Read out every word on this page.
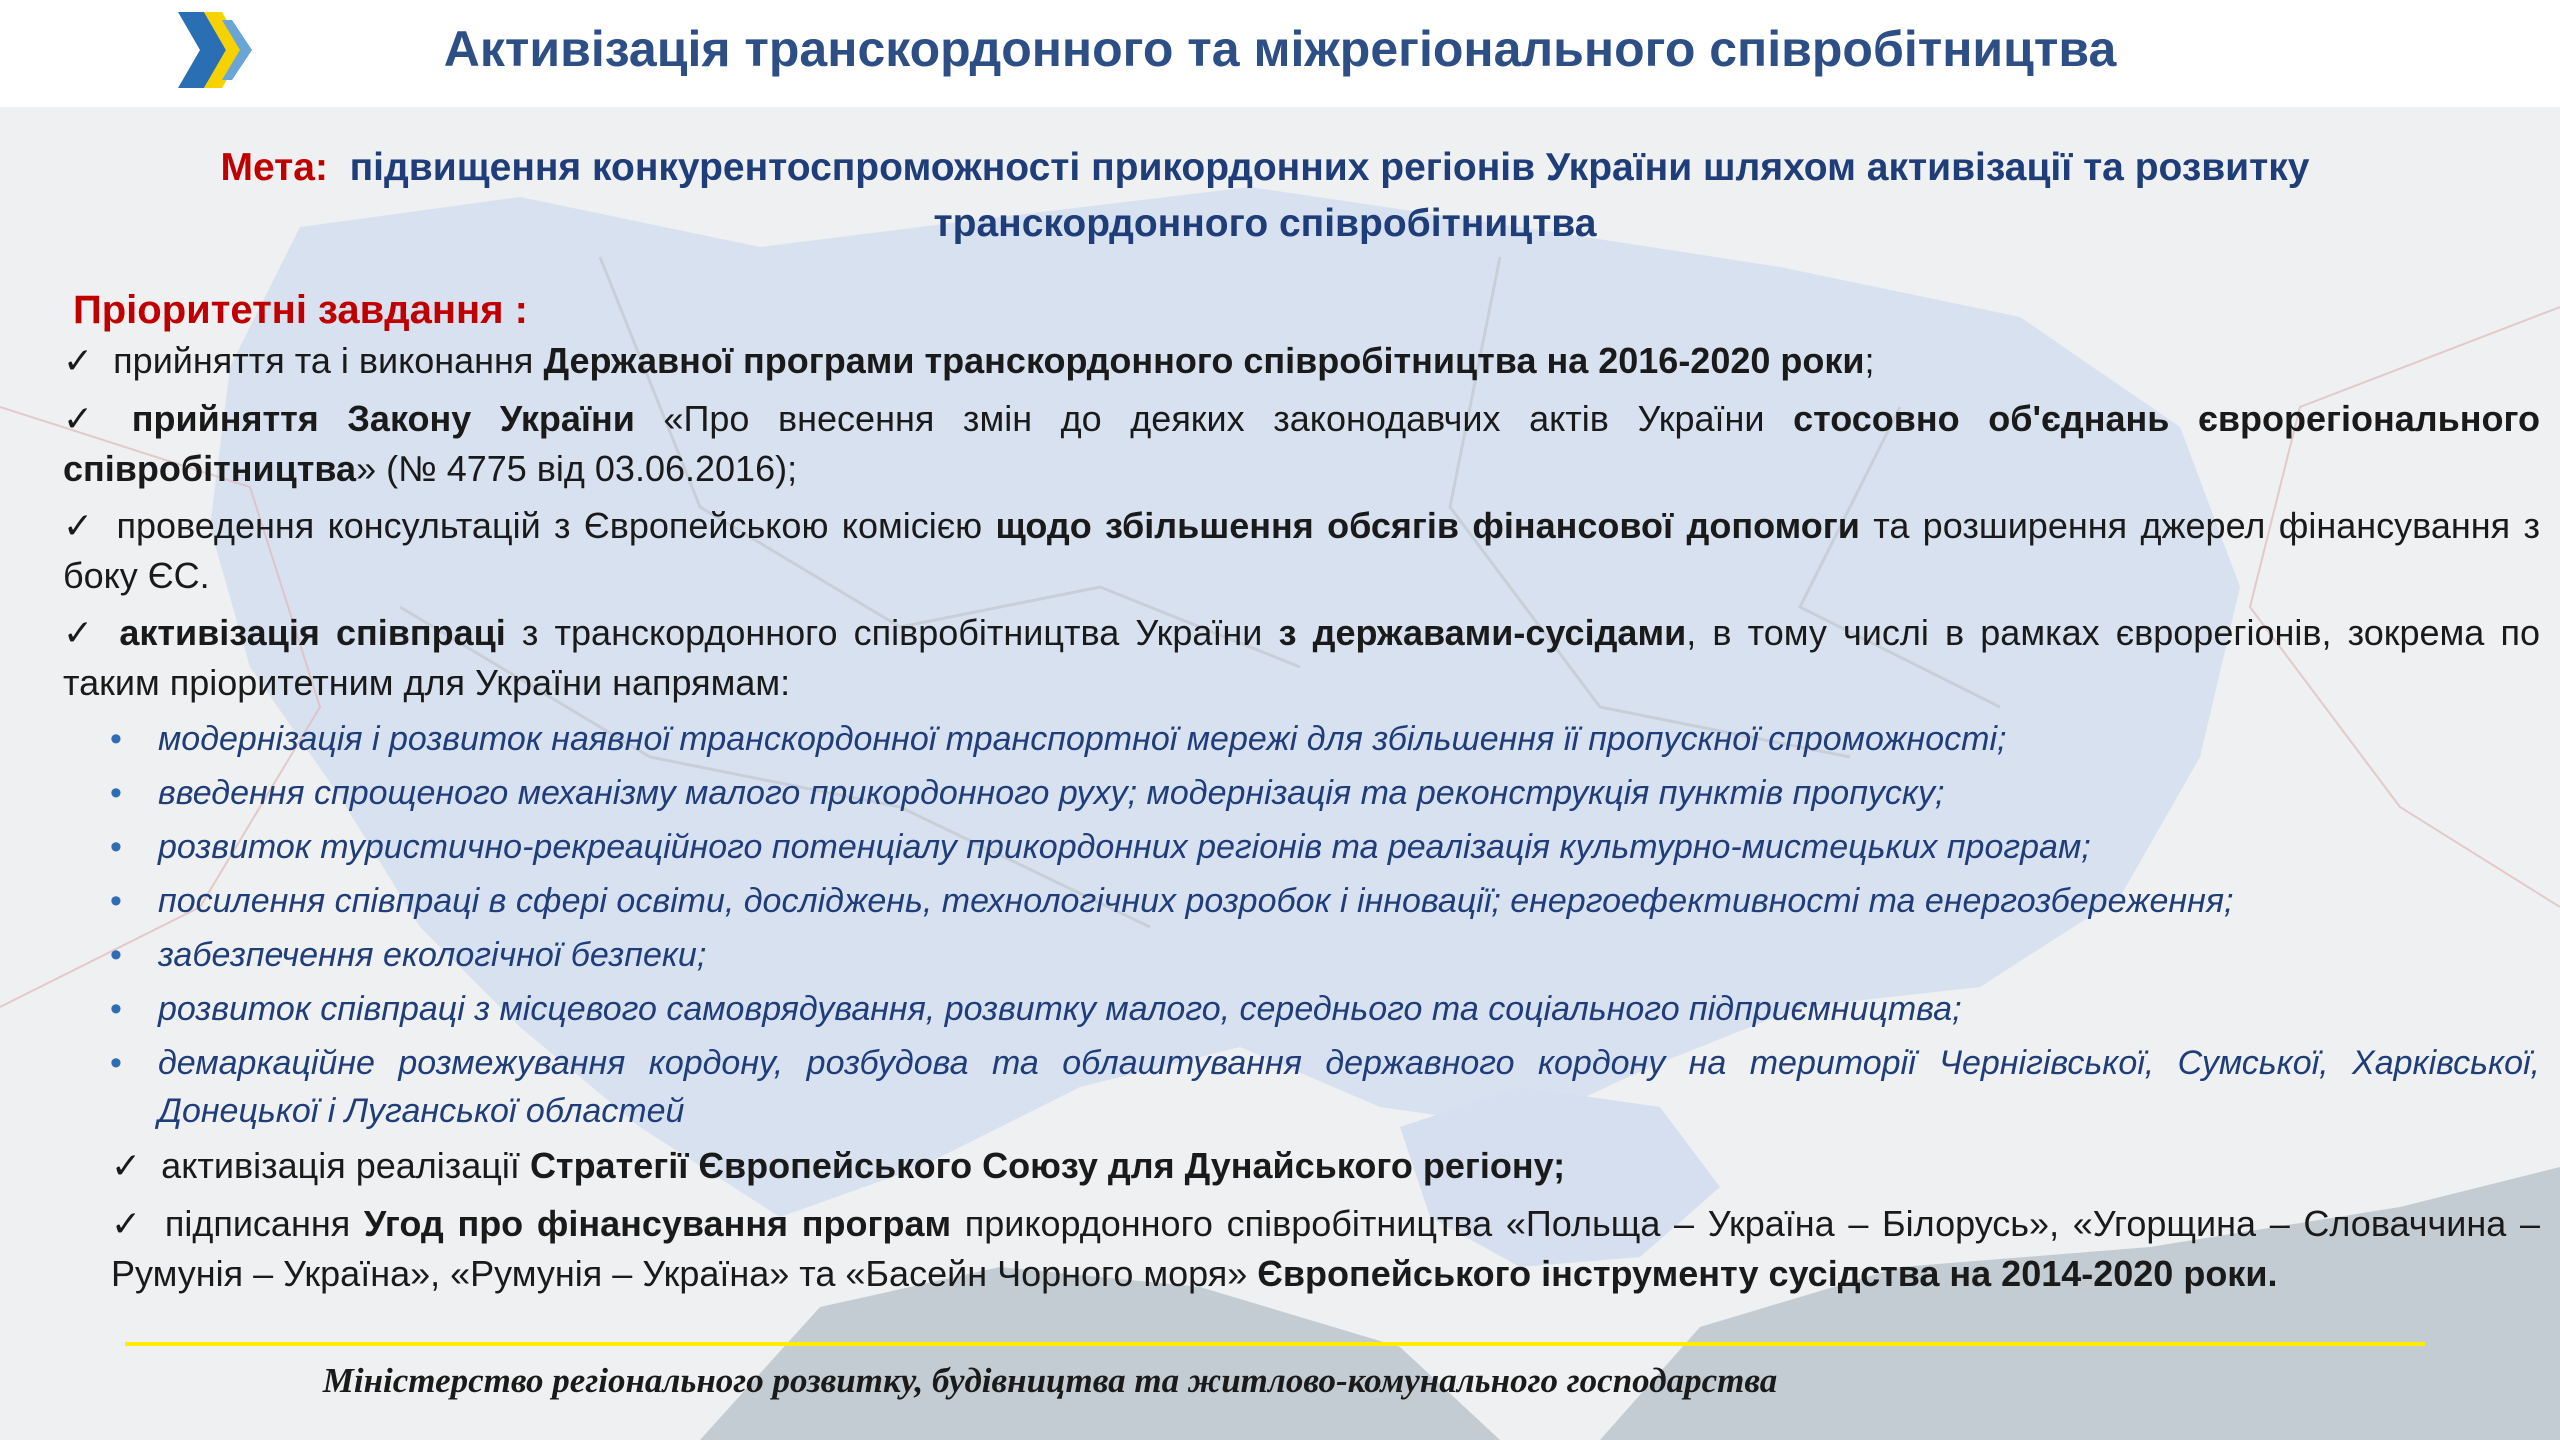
Активізація транскордонного та міжрегіонального співробітництва
Мета: підвищення конкурентоспроможності прикордонних регіонів України шляхом активізації та розвитку транскордонного співробітництва
Пріоритетні завдання :
✓ прийняття та і виконання Державної програми транскордонного співробітництва на 2016-2020 роки;
✓ прийняття Закону України «Про внесення змін до деяких законодавчих актів України стосовно об'єднань єврорегіонального співробітництва» (№ 4775 від 03.06.2016);
✓ проведення консультацій з Європейською комісією щодо збільшення обсягів фінансової допомоги та розширення джерел фінансування з боку ЄС.
✓ активізація співпраці з транскордонного співробітництва України з державами-сусідами, в тому числі в рамках єврорегіонів, зокрема по таким пріоритетним для України напрямам:
• модернізація і розвиток наявної транскордонної транспортної мережі для збільшення її пропускної спроможності;
• введення спрощеного механізму малого прикордонного руху; модернізація та реконструкція пунктів пропуску;
• розвиток туристично-рекреаційного потенціалу прикордонних регіонів та реалізація культурно-мистецьких програм;
• посилення співпраці в сфері освіти, досліджень, технологічних розробок і інновації; енергоефективності та енергозбереження;
• забезпечення екологічної безпеки;
• розвиток співпраці з місцевого самоврядування, розвитку малого, середнього та соціального підприємництва;
• демаркаційне розмежування кордону, розбудова та облаштування державного кордону на території Чернігівської, Сумської, Харківської, Донецької і Луганської областей
✓ активізація реалізації Стратегії Європейського Союзу для Дунайського регіону;
✓ підписання Угод про фінансування програм прикордонного співробітництва «Польща – Україна – Білорусь», «Угорщина – Словаччина – Румунія – Україна», «Румунія – Україна» та «Басейн Чорного моря» Європейського інструменту сусідства на 2014-2020 роки.
Міністерство регіонального розвитку, будівництва та житлово-комунального господарства
